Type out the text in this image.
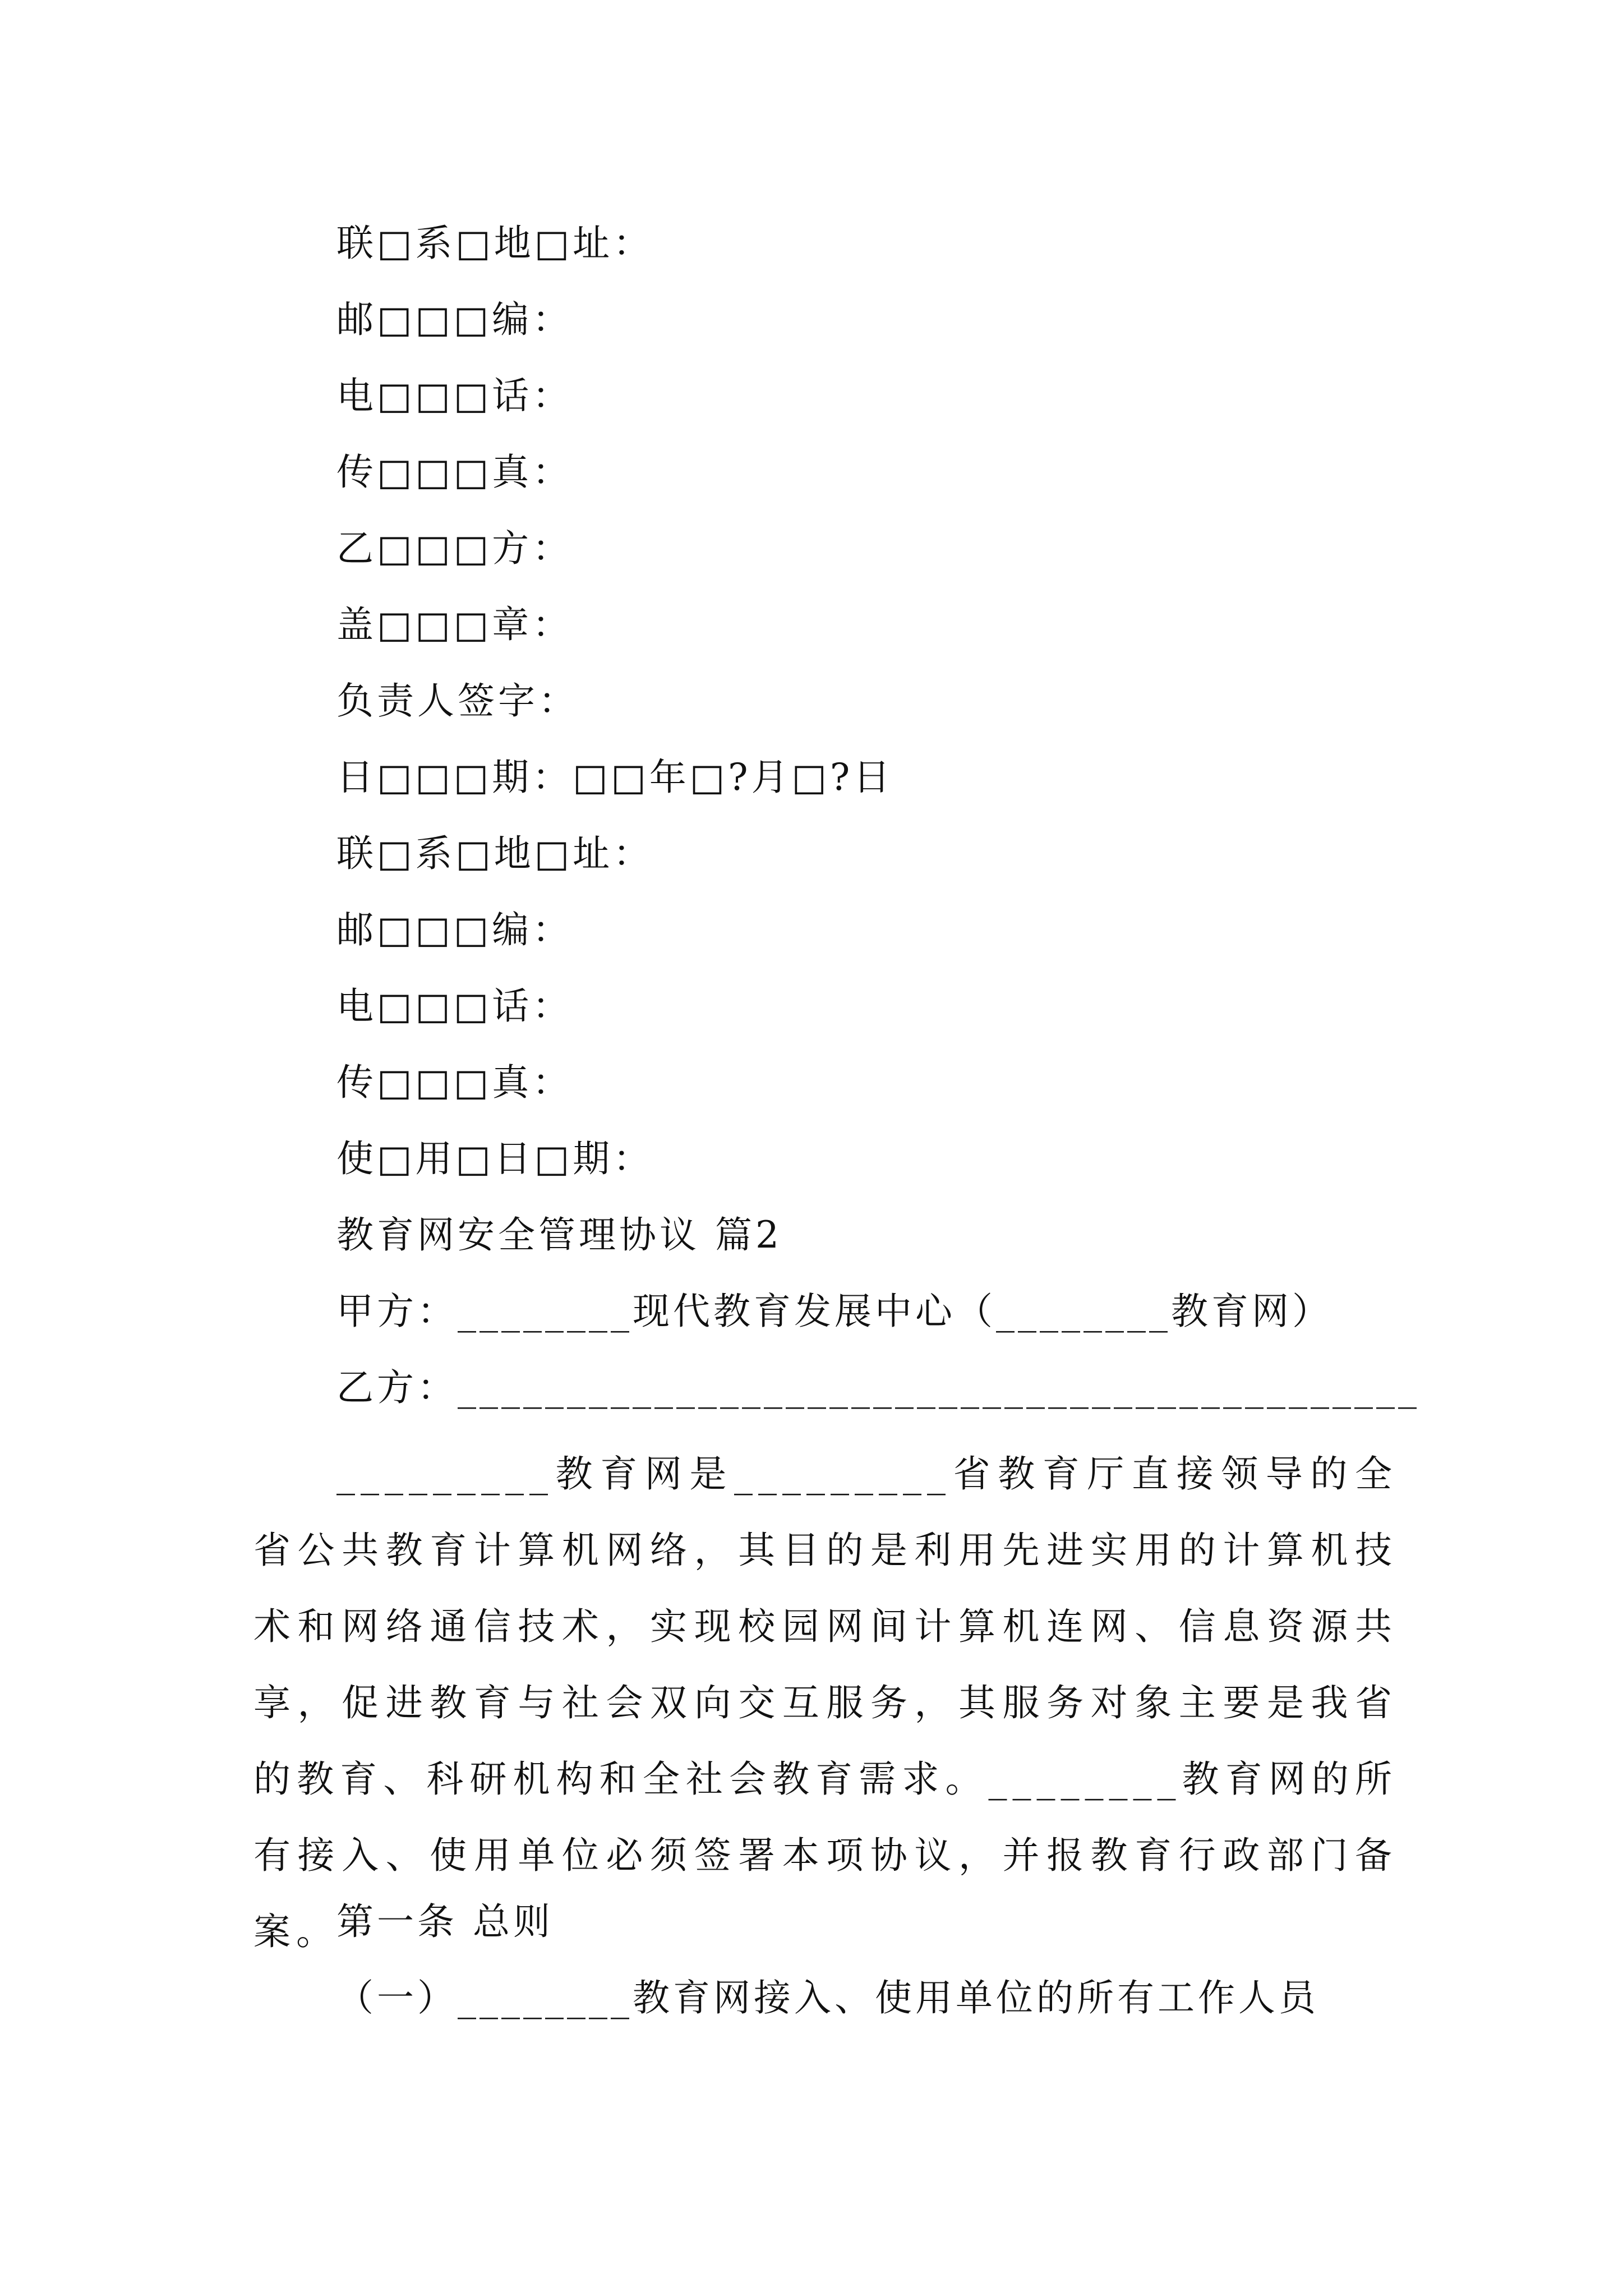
联□系□地□址：
邮□□□编：
电□□□话：
传□□□真：
乙□□□方：
盖□□□章：
负责人签字：
日□□□期：□□年□?月□?日
联□系□地□址：
邮□□□编：
电□□□话：
传□□□真：
使□用□日□期：
教育网安全管理协议 篇2
甲方：________现代教育发展中心（________教育网）
乙方：____________________________________________
_________教育网是_________省教育厅直接领导的全省公共教育计算机网络，其目的是利用先进实用的计算机技术和网络通信技术，实现校园网间计算机连网、信息资源共享，促进教育与社会双向交互服务，其服务对象主要是我省的教育、科研机构和全社会教育需求。________教育网的所有接入、使用单位必须签署本项协议，并报教育行政部门备案。
第一条 总则
（一）________教育网接入、使用单位的所有工作人员
